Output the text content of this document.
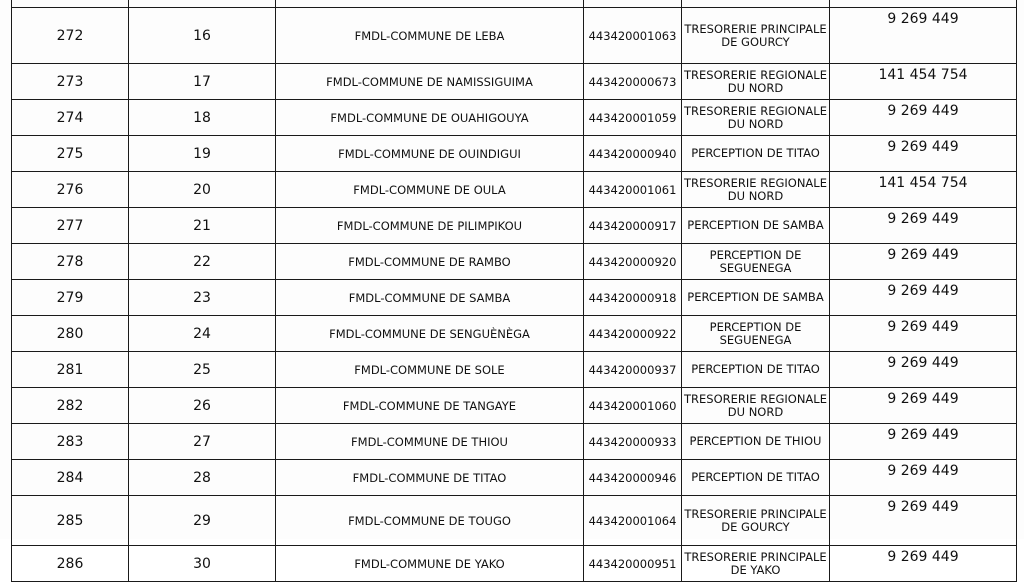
272	16	FMDL-COMMUNE DE LEBA	443420001063	TRESORERIE PRINCIPALE DE GOURCY	9 269 449
273	17	FMDL-COMMUNE DE NAMISSIGUIMA	443420000673	TRESORERIE REGIONALE DU NORD	141 454 754
274	18	FMDL-COMMUNE DE OUAHIGOUYA	443420001059	TRESORERIE REGIONALE DU NORD	9 269 449
275	19	FMDL-COMMUNE DE OUINDIGUI	443420000940	PERCEPTION DE TITAO	9 269 449
276	20	FMDL-COMMUNE DE OULA	443420001061	TRESORERIE REGIONALE DU NORD	141 454 754
277	21	FMDL-COMMUNE DE PILIMPIKOU	443420000917	PERCEPTION DE SAMBA	9 269 449
278	22	FMDL-COMMUNE DE RAMBO	443420000920	PERCEPTION DE SEGUENEGA	9 269 449
279	23	FMDL-COMMUNE DE SAMBA	443420000918	PERCEPTION DE SAMBA	9 269 449
280	24	FMDL-COMMUNE DE SENGUÈNÈGA	443420000922	PERCEPTION DE SEGUENEGA	9 269 449
281	25	FMDL-COMMUNE DE SOLE	443420000937	PERCEPTION DE TITAO	9 269 449
282	26	FMDL-COMMUNE DE TANGAYE	443420001060	TRESORERIE REGIONALE DU NORD	9 269 449
283	27	FMDL-COMMUNE DE THIOU	443420000933	PERCEPTION DE THIOU	9 269 449
284	28	FMDL-COMMUNE DE TITAO	443420000946	PERCEPTION DE TITAO	9 269 449
285	29	FMDL-COMMUNE DE TOUGO	443420001064	TRESORERIE PRINCIPALE DE GOURCY	9 269 449
286	30	FMDL-COMMUNE DE YAKO	443420000951	TRESORERIE PRINCIPALE DE YAKO	9 269 449
